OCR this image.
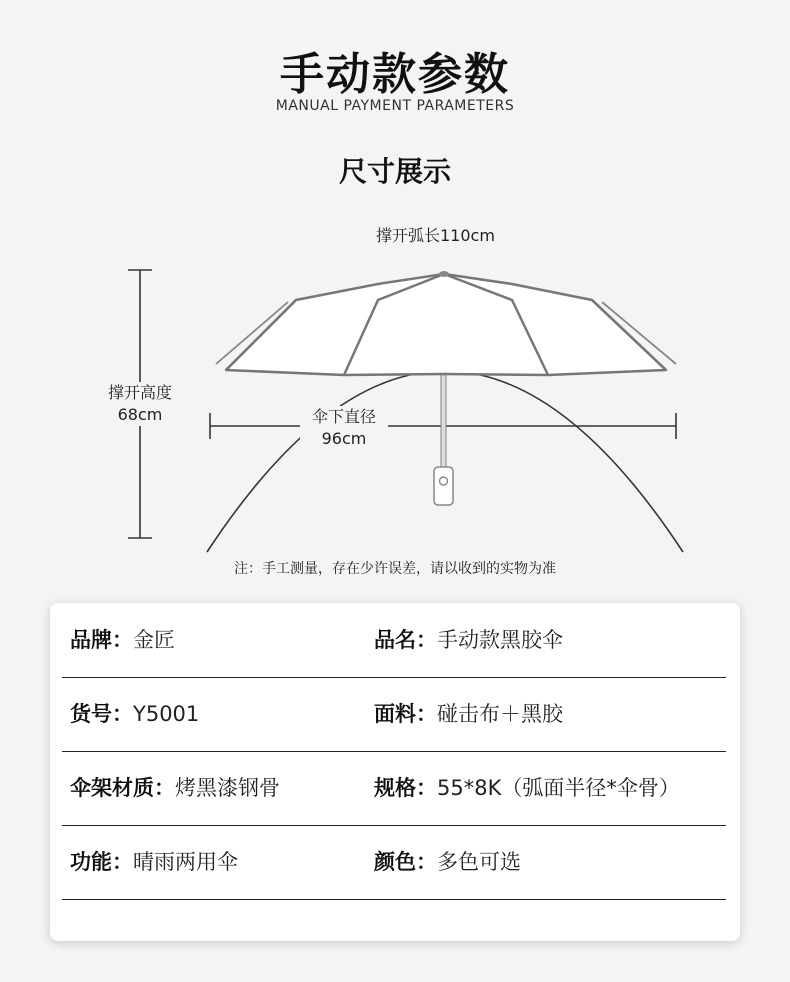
手动款参数
MANUAL PAYMENT PARAMETERS
尺寸展示
撑开弧长110cm
撑开高度
68cm	伞下直径
96cm
注：手工测量，存在少许误差，请以收到的实物为准
品牌：金匠	品名：手动款黑胶伞
货号：Y5001	面料：碰击布＋黑胶
伞架材质：烤黑漆钢骨	规格：55*8K（弧面半径*伞骨）
功能：晴雨两用伞	颜色：多色可选
